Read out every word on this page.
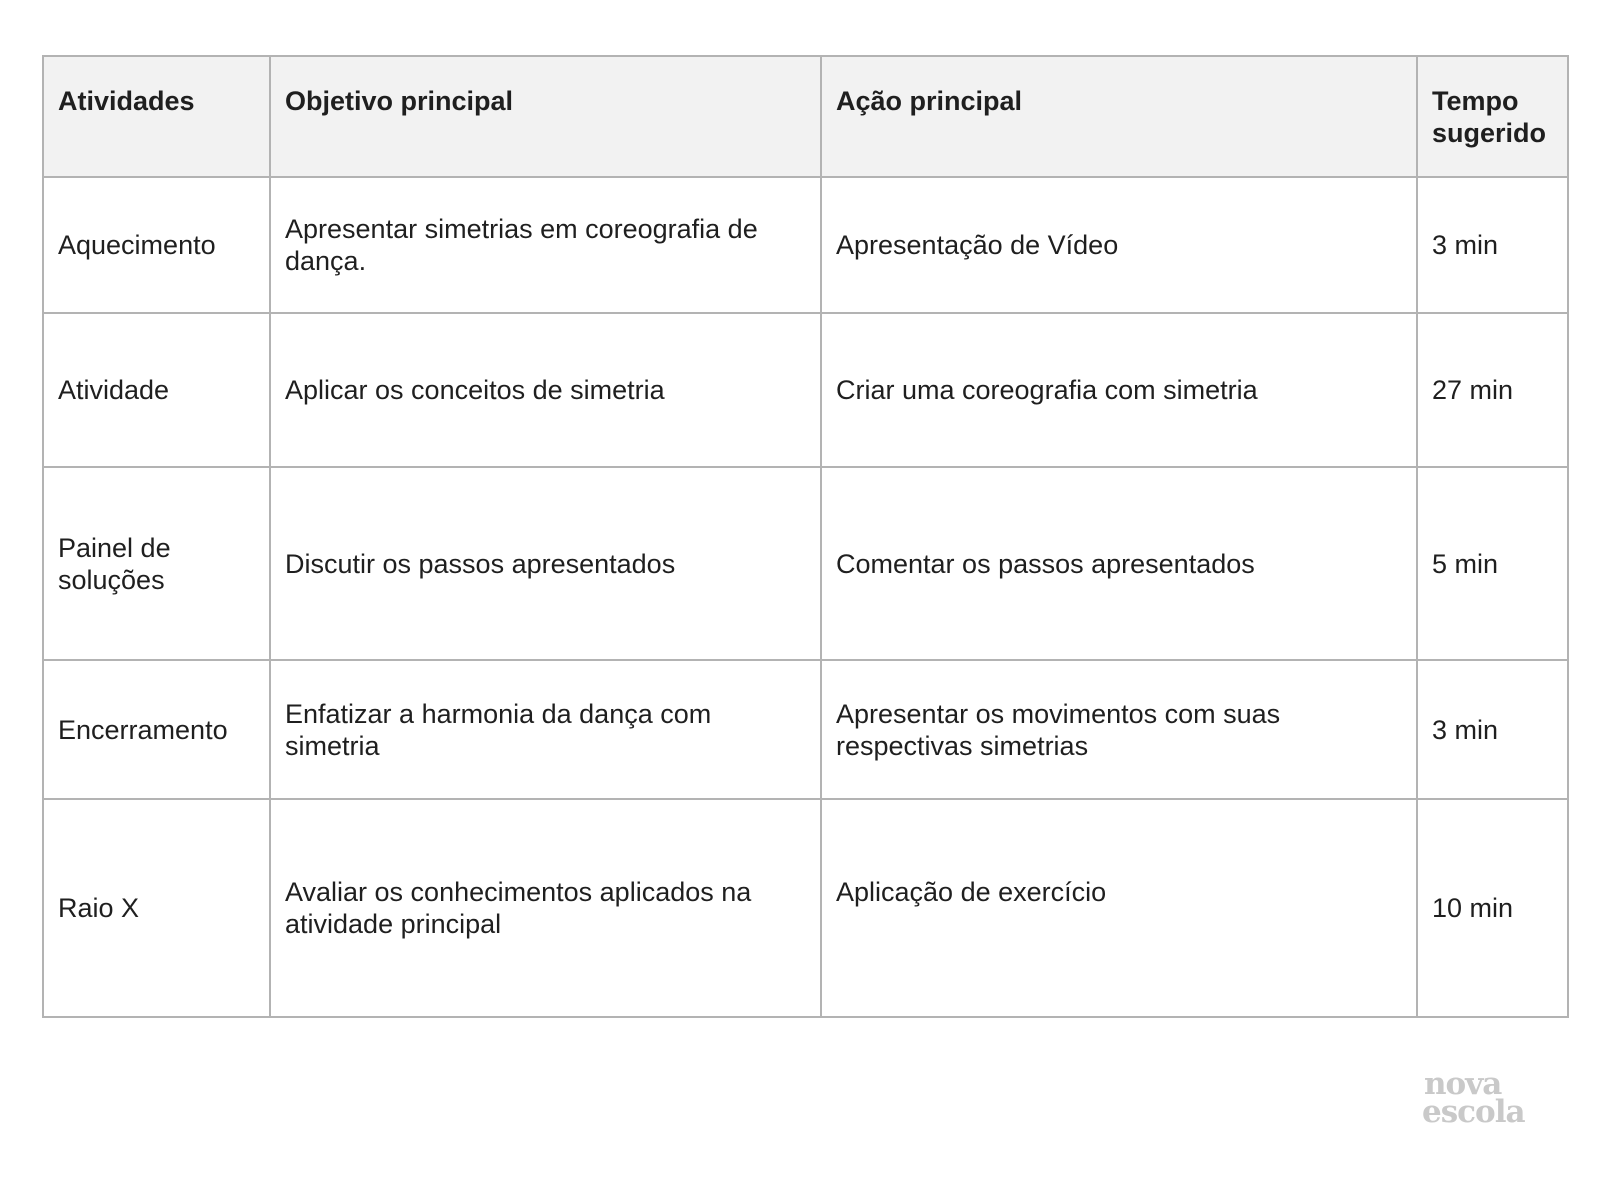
Atividades	Objetivo principal	Ação principal	Tempo sugerido
Aquecimento	Apresentar simetrias em coreografia de dança.	Apresentação de Vídeo	3 min
Atividade	Aplicar os conceitos de simetria	Criar uma coreografia com simetria	27 min
Painel de soluções	Discutir os passos apresentados	Comentar os passos apresentados	5 min
Encerramento	Enfatizar a harmonia da dança com simetria	Apresentar os movimentos com suas respectivas simetrias	3 min
Raio X	Avaliar os conhecimentos aplicados na atividade principal	Aplicação de exercício	10 min
nova
escola
